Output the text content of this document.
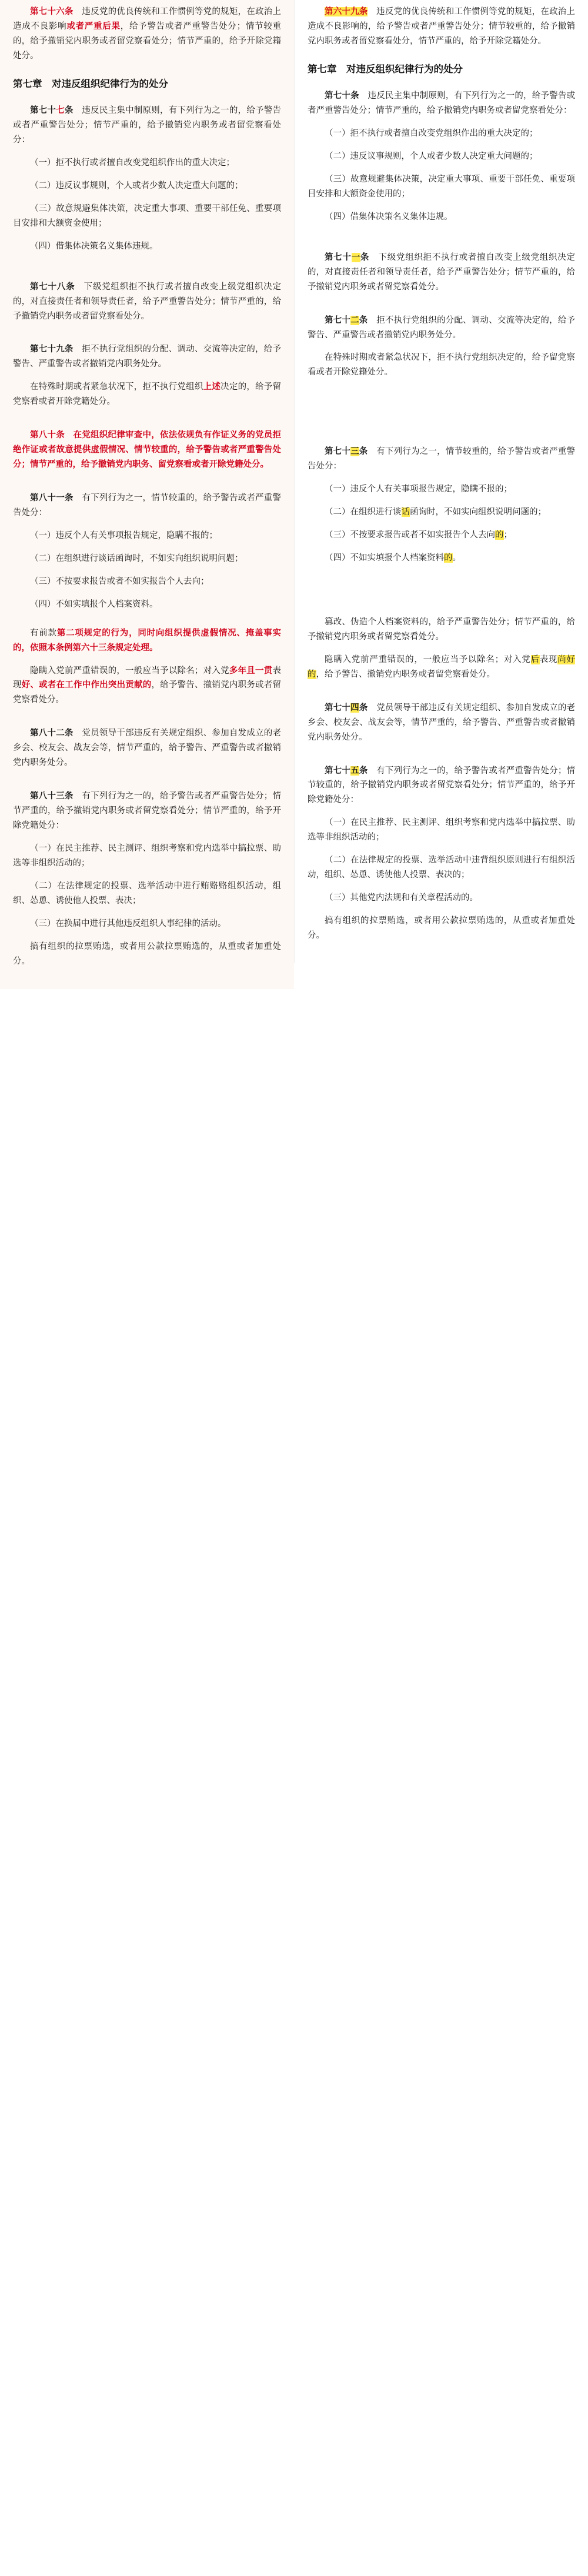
第七十六条　违反党的优良传统和工作惯例等党的规矩，在政治上造成不良影响或者严重后果，给予警告或者严重警告处分；情节较重的，给予撤销党内职务或者留党察看处分；情节严重的，给予开除党籍处分。

第七章　对违反组织纪律行为的处分

第七十七条　违反民主集中制原则，有下列行为之一的，给予警告或者严重警告处分；情节严重的，给予撤销党内职务或者留党察看处分：

（一）拒不执行或者擅自改变党组织作出的重大决定；

（二）违反议事规则，个人或者少数人决定重大问题的；

（三）故意规避集体决策，决定重大事项、重要干部任免、重要项目安排和大额资金使用；

（四）借集体决策名义集体违规。

第七十八条　下级党组织拒不执行或者擅自改变上级党组织决定的，对直接责任者和领导责任者，给予严重警告处分；情节严重的，给予撤销党内职务或者留党察看处分。

第七十九条　拒不执行党组织的分配、调动、交流等决定的，给予警告、严重警告或者撤销党内职务处分。

在特殊时期或者紧急状况下，拒不执行党组织上述决定的，给予留党察看或者开除党籍处分。

第八十条　在党组织纪律审查中，依法依规负有作证义务的党员拒绝作证或者故意提供虚假情况、情节较重的，给予警告或者严重警告处分；情节严重的，给予撤销党内职务、留党察看或者开除党籍处分。

第八十一条　有下列行为之一，情节较重的，给予警告或者严重警告处分：

（一）违反个人有关事项报告规定，隐瞒不报的；

（二）在组织进行谈话函询时，不如实向组织说明问题；

（三）不按要求报告或者不如实报告个人去向；

（四）不如实填报个人档案资料。

有前款第二项规定的行为，同时向组织提供虚假情况、掩盖事实的，依照本条例第六十三条规定处理。

隐瞒入党前严重错误的，一般应当予以除名；对入党多年且一贯表现好、或者在工作中作出突出贡献的，给予警告、撤销党内职务或者留党察看处分。

第八十二条　党员领导干部违反有关规定组织、参加自发成立的老乡会、校友会、战友会等，情节严重的，给予警告、严重警告或者撤销党内职务处分。

第八十三条　有下列行为之一的，给予警告或者严重警告处分；情节严重的，给予撤销党内职务或者留党察看处分；情节严重的，给予开除党籍处分：

（一）在民主推荐、民主测评、组织考察和党内选举中搞拉票、助选等非组织活动的；

（二）在法律规定的投票、选举活动中进行贿赂赂组织活动，组织、怂恿、诱使他人投票、表决；

（三）在换届中进行其他违反组织人事纪律的活动。

搞有组织的拉票贿选，或者用公款拉票贿选的，从重或者加重处分。

第六十九条　违反党的优良传统和工作惯例等党的规矩，在政治上造成不良影响的，给予警告或者严重警告处分；情节较重的，给予撤销党内职务或者留党察看处分，情节严重的，给予开除党籍处分。

第七章　对违反组织纪律行为的处分

第七十条　违反民主集中制原则，有下列行为之一的，给予警告或者严重警告处分；情节严重的，给予撤销党内职务或者留党察看处分：

（一）拒不执行或者擅自改变党组织作出的重大决定的；

（二）违反议事规则，个人或者少数人决定重大问题的；

（三）故意规避集体决策，决定重大事项、重要干部任免、重要项目安排和大额资金使用的；

（四）借集体决策名义集体违规。

第七十一条　下级党组织拒不执行或者擅自改变上级党组织决定的，对直接责任者和领导责任者，给予严重警告处分；情节严重的，给予撤销党内职务或者留党察看处分。

第七十二条　拒不执行党组织的分配、调动、交流等决定的，给予警告、严重警告或者撤销党内职务处分。

在特殊时期或者紧急状况下，拒不执行党组织决定的，给予留党察看或者开除党籍处分。

第七十三条　有下列行为之一，情节较重的，给予警告或者严重警告处分：

（一）违反个人有关事项报告规定，隐瞒不报的；

（二）在组织进行谈话函询时，不如实向组织说明问题的；

（三）不按要求报告或者不如实报告个人去向的；

（四）不如实填报个人档案资料的。

篡改、伪造个人档案资料的，给予严重警告处分；情节严重的，给予撤销党内职务或者留党察看处分。

隐瞒入党前严重错误的，一般应当予以除名；对入党后表现尚好的，给予警告、撤销党内职务或者留党察看处分。

第七十四条　党员领导干部违反有关规定组织、参加自发成立的老乡会、校友会、战友会等，情节严重的，给予警告、严重警告或者撤销党内职务处分。

第七十五条　有下列行为之一的，给予警告或者严重警告处分；情节较重的，给予撤销党内职务或者留党察看处分；情节严重的，给予开除党籍处分：

（一）在民主推荐、民主测评、组织考察和党内选举中搞拉票、助选等非组织活动的；

（二）在法律规定的投票、选举活动中违背组织原则进行有组织活动，组织、怂恿、诱使他人投票、表决的；

（三）其他党内法规和有关章程活动的。

搞有组织的拉票贿选，或者用公款拉票贿选的，从重或者加重处分。
